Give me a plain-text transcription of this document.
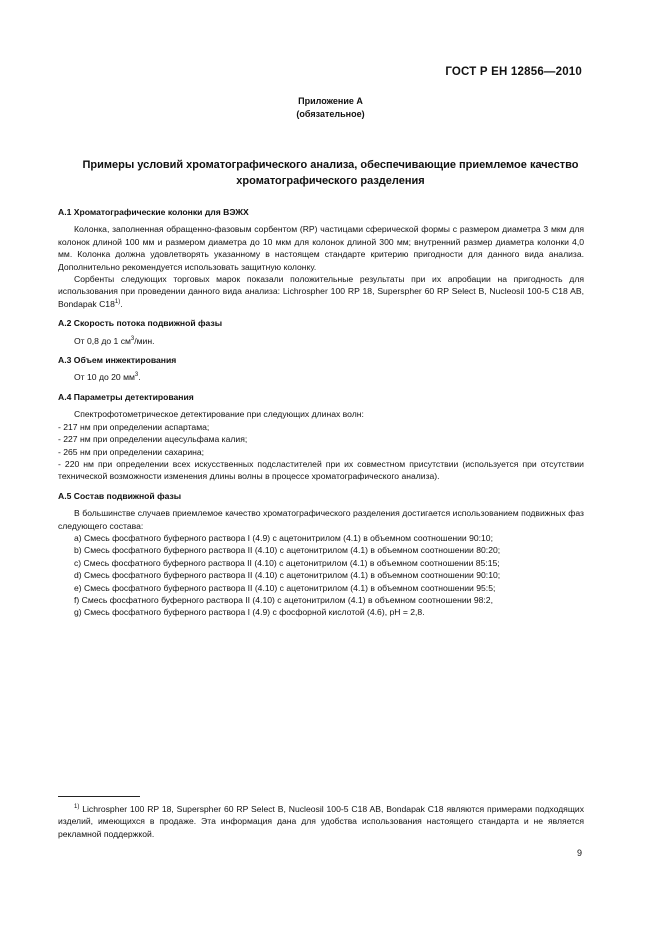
ГОСТ Р ЕН 12856—2010
Приложение А
(обязательное)
Примеры условий хроматографического анализа, обеспечивающие приемлемое качество
хроматографического разделения

А.1 Хроматографические колонки для ВЭЖХ

Колонка, заполненная обращенно-фазовым сорбентом (RP) частицами сферической формы с размером диаметра 3 мкм для колонок длиной 100 мм и размером диаметра до 10 мкм для колонок длиной 300 мм; внутренний размер диаметра колонки 4,0 мм. Колонка должна удовлетворять указанному в настоящем стандарте критерию пригодности для данного вида анализа. Дополнительно рекомендуется использовать защитную колонку.

Сорбенты следующих торговых марок показали положительные результаты при их апробации на пригодность для использования при проведении данного вида анализа: Lichrospher 100 RP 18, Superspher 60 RP Select B, Nucleosil 100-5 C18 AB, Bondapak C18$^{1)}$.

А.2 Скорость потока подвижной фазы

От 0,8 до 1 $см^3$/мин.

А.3 Объем инжектирования

От 10 до 20 $мм^3$.

А.4 Параметры детектирования

Спектрофотометрическое детектирование при следующих длинах волн:

- 217 нм при определении аспартама;

- 227 нм при определении ацесульфама калия;

- 265 нм при определении сахарина;

- 220 нм при определении всех искусственных подсластителей при их совместном присутствии (используется при отсутствии технической возможности изменения длины волны в процессе хроматографического анализа).

А.5 Состав подвижной фазы

В большинстве случаев приемлемое качество хроматографического разделения достигается использованием подвижных фаз следующего состава:

a) Смесь фосфатного буферного раствора I (4.9) с ацетонитрилом (4.1) в объемном соотношении 90:10;
b) Смесь фосфатного буферного раствора II (4.10) с ацетонитрилом (4.1) в объемном соотношении 80:20;
c) Смесь фосфатного буферного раствора II (4.10) с ацетонитрилом (4.1) в объемном соотношении 85:15;
d) Смесь фосфатного буферного раствора II (4.10) с ацетонитрилом (4.1) в объемном соотношении 90:10;
e) Смесь фосфатного буферного раствора II (4.10) с ацетонитрилом (4.1) в объемном соотношении 95:5;
f) Смесь фосфатного буферного раствора II (4.10) с ацетонитрилом (4.1) в объемном соотношении 98:2,
g) Смесь фосфатного буферного раствора I (4.9) с фосфорной кислотой (4.6), pH = 2,8.

$^{1)}$ Lichrospher 100 RP 18, Superspher 60 RP Select B, Nucleosil 100-5 C18 AB, Bondapak C18 являются примерами подходящих изделий, имеющихся в продаже. Эта информация дана для удобства использования настоящего стандарта и не является рекламной поддержкой.

9
